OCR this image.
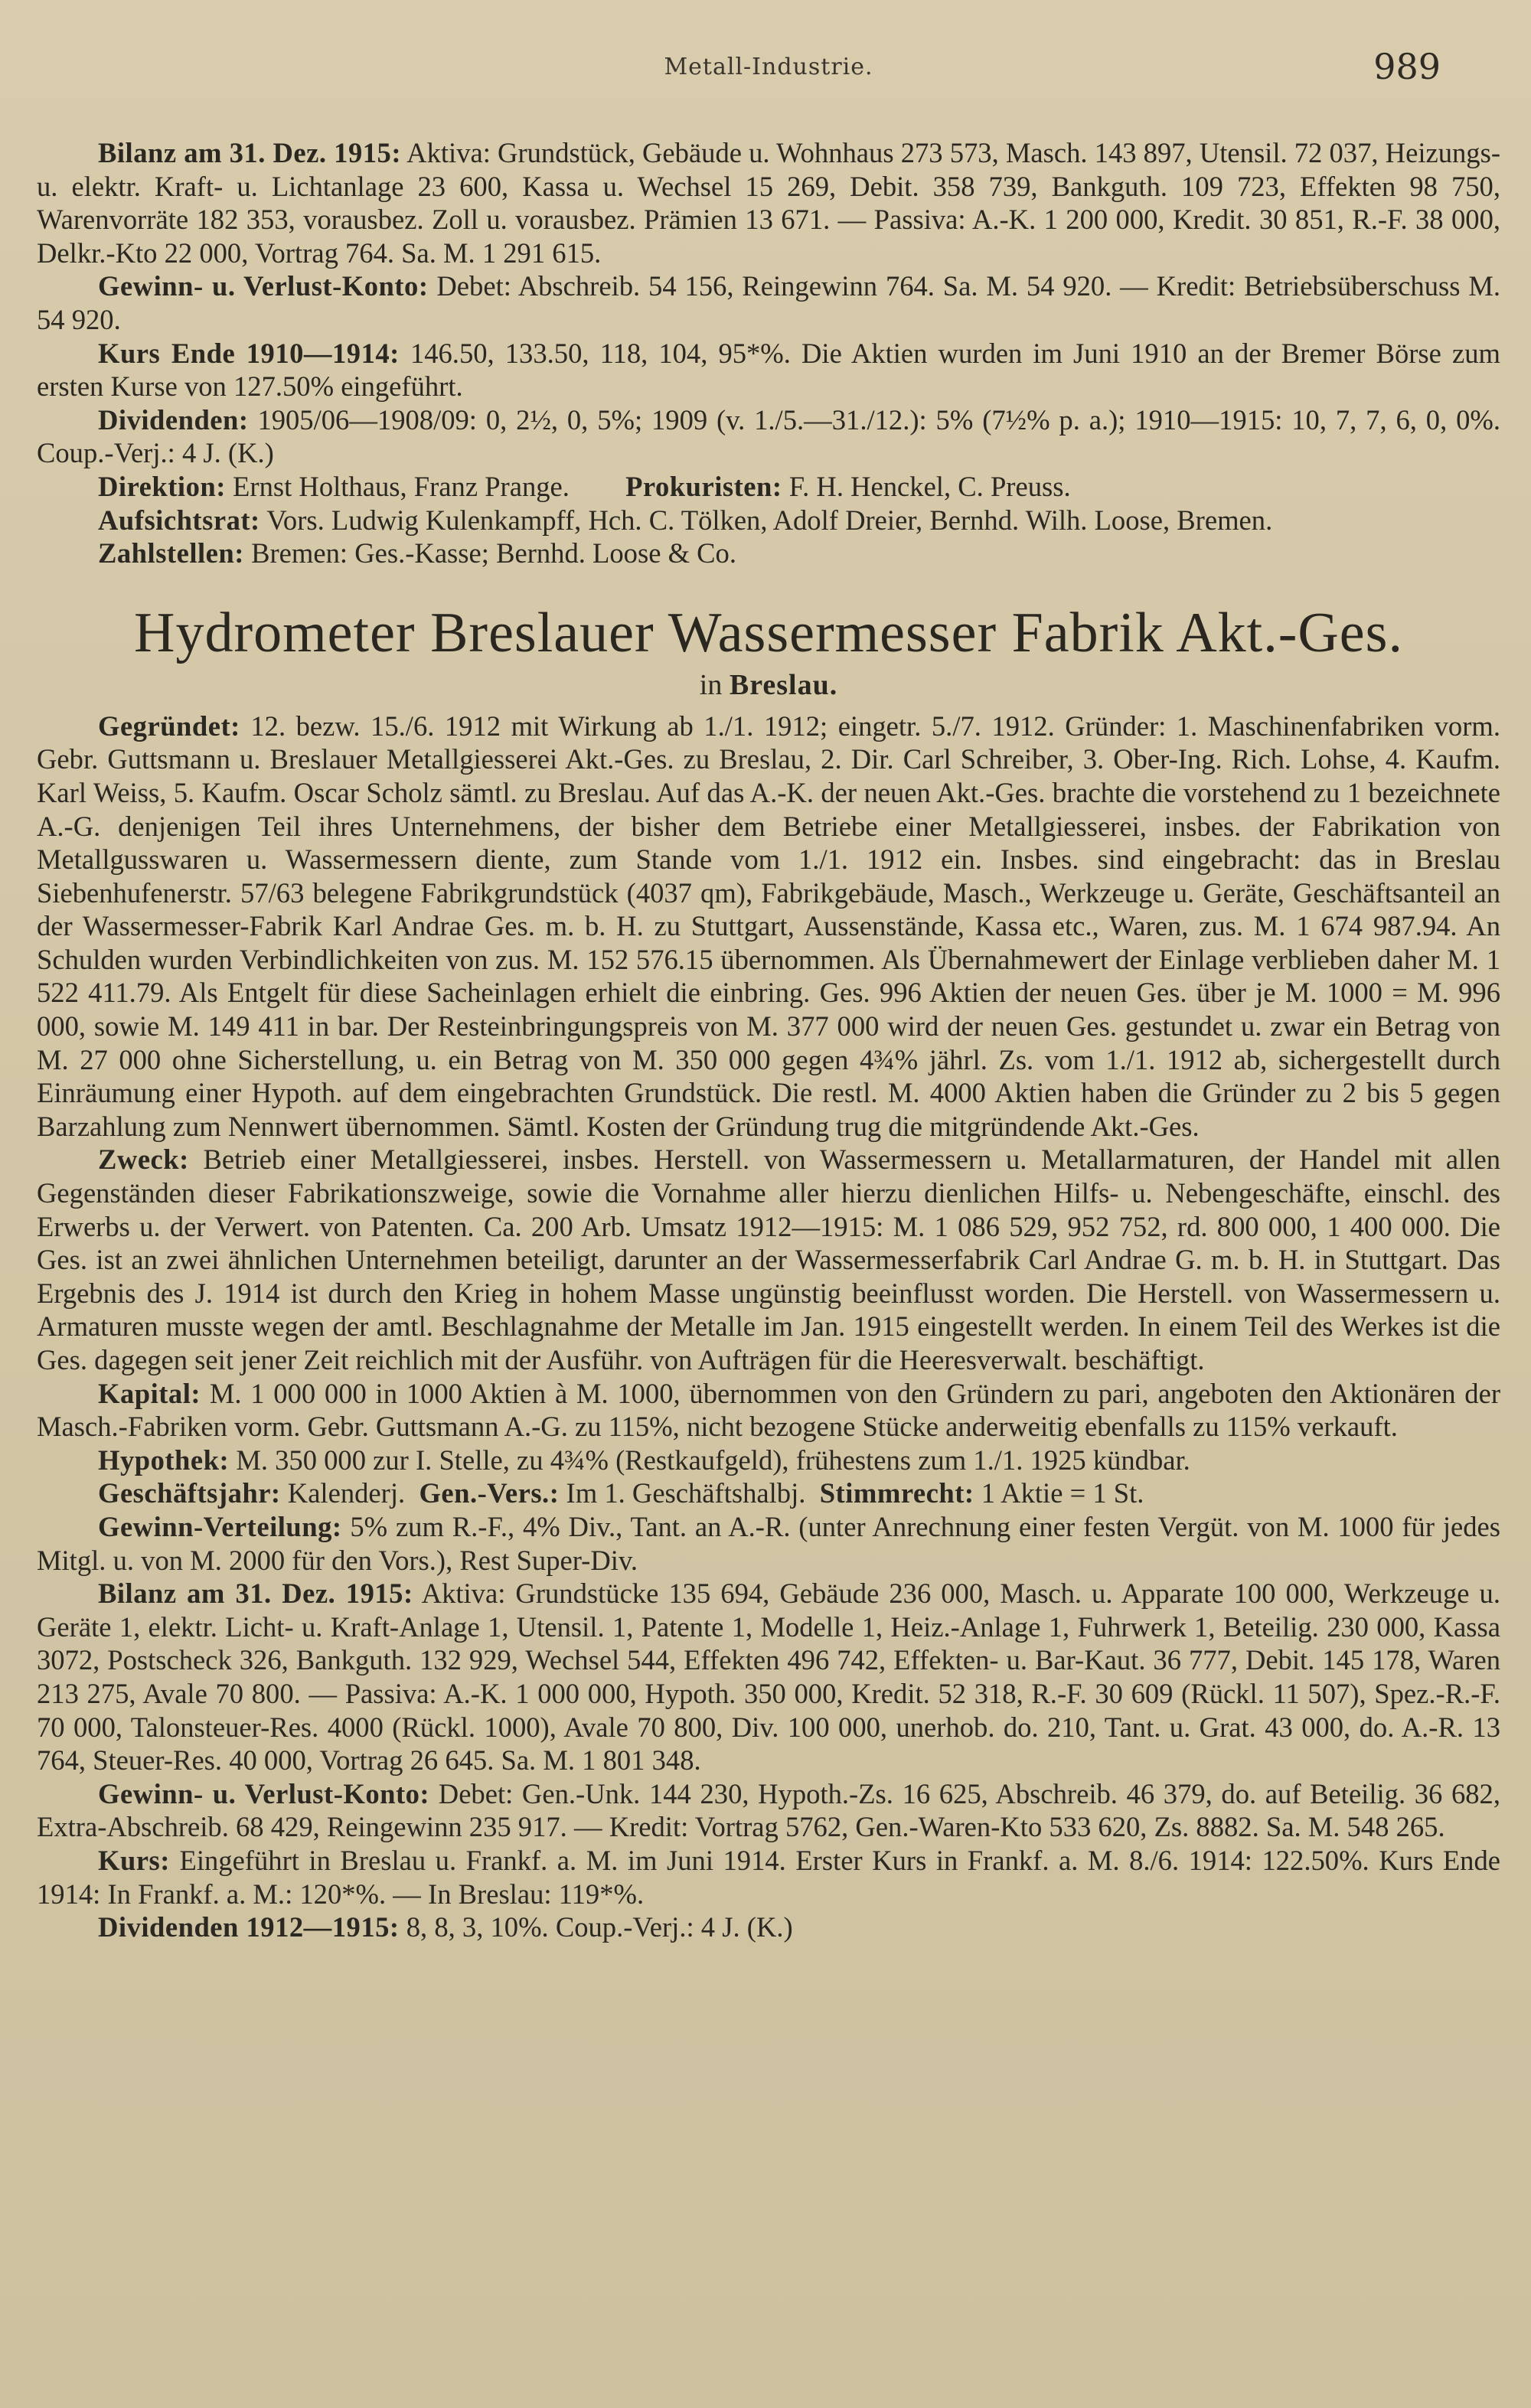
Metall-Industrie.	989

Bilanz am 31. Dez. 1915: Aktiva: Grundstück, Gebäude u. Wohnhaus 273 573, Masch. 143 897, Utensil. 72 037, Heizungs- u. elektr. Kraft- u. Lichtanlage 23 600, Kassa u. Wechsel 15 269, Debit. 358 739, Bankguth. 109 723, Effekten 98 750, Warenvorräte 182 353, vorausbez. Zoll u. vorausbez. Prämien 13 671. — Passiva: A.-K. 1 200 000, Kredit. 30 851, R.-F. 38 000, Delkr.-Kto 22 000, Vortrag 764. Sa. M. 1 291 615.

Gewinn- u. Verlust-Konto: Debet: Abschreib. 54 156, Reingewinn 764. Sa. M. 54 920. — Kredit: Betriebsüberschuss M. 54 920.

Kurs Ende 1910—1914: 146.50, 133.50, 118, 104, 95*%. Die Aktien wurden im Juni 1910 an der Bremer Börse zum ersten Kurse von 127.50% eingeführt.

Dividenden: 1905/06—1908/09: 0, 2½, 0, 5%; 1909 (v. 1./5.—31./12.): 5% (7½% p. a.); 1910—1915: 10, 7, 7, 6, 0, 0%. Coup.-Verj.: 4 J. (K.)

Direktion: Ernst Holthaus, Franz Prange. Prokuristen: F. H. Henckel, C. Preuss.

Aufsichtsrat: Vors. Ludwig Kulenkampff, Hch. C. Tölken, Adolf Dreier, Bernhd. Wilh. Loose, Bremen.

Zahlstellen: Bremen: Ges.-Kasse; Bernhd. Loose & Co.

Hydrometer Breslauer Wassermesser Fabrik Akt.-Ges.
in Breslau.

Gegründet: 12. bezw. 15./6. 1912 mit Wirkung ab 1./1. 1912; eingetr. 5./7. 1912. Gründer: 1. Maschinenfabriken vorm. Gebr. Guttsmann u. Breslauer Metallgiesserei Akt.-Ges. zu Breslau, 2. Dir. Carl Schreiber, 3. Ober-Ing. Rich. Lohse, 4. Kaufm. Karl Weiss, 5. Kaufm. Oscar Scholz sämtl. zu Breslau. Auf das A.-K. der neuen Akt.-Ges. brachte die vorstehend zu 1 bezeichnete A.-G. denjenigen Teil ihres Unternehmens, der bisher dem Betriebe einer Metallgiesserei, insbes. der Fabrikation von Metallgusswaren u. Wassermessern diente, zum Stande vom 1./1. 1912 ein. Insbes. sind eingebracht: das in Breslau Siebenhufenerstr. 57/63 belegene Fabrikgrundstück (4037 qm), Fabrikgebäude, Masch., Werkzeuge u. Geräte, Geschäftsanteil an der Wassermesser-Fabrik Karl Andrae Ges. m. b. H. zu Stuttgart, Aussenstände, Kassa etc., Waren, zus. M. 1 674 987.94. An Schulden wurden Verbindlichkeiten von zus. M. 152 576.15 übernommen. Als Übernahmewert der Einlage verblieben daher M. 1 522 411.79. Als Entgelt für diese Sacheinlagen erhielt die einbring. Ges. 996 Aktien der neuen Ges. über je M. 1000 = M. 996 000, sowie M. 149 411 in bar. Der Resteinbringungspreis von M. 377 000 wird der neuen Ges. gestundet u. zwar ein Betrag von M. 27 000 ohne Sicherstellung, u. ein Betrag von M. 350 000 gegen 4¾% jährl. Zs. vom 1./1. 1912 ab, sichergestellt durch Einräumung einer Hypoth. auf dem eingebrachten Grundstück. Die restl. M. 4000 Aktien haben die Gründer zu 2 bis 5 gegen Barzahlung zum Nennwert übernommen. Sämtl. Kosten der Gründung trug die mitgründende Akt.-Ges.

Zweck: Betrieb einer Metallgiesserei, insbes. Herstell. von Wassermessern u. Metallarmaturen, der Handel mit allen Gegenständen dieser Fabrikationszweige, sowie die Vornahme aller hierzu dienlichen Hilfs- u. Nebengeschäfte, einschl. des Erwerbs u. der Verwert. von Patenten. Ca. 200 Arb. Umsatz 1912—1915: M. 1 086 529, 952 752, rd. 800 000, 1 400 000. Die Ges. ist an zwei ähnlichen Unternehmen beteiligt, darunter an der Wassermesserfabrik Carl Andrae G. m. b. H. in Stuttgart. Das Ergebnis des J. 1914 ist durch den Krieg in hohem Masse ungünstig beeinflusst worden. Die Herstell. von Wassermessern u. Armaturen musste wegen der amtl. Beschlagnahme der Metalle im Jan. 1915 eingestellt werden. In einem Teil des Werkes ist die Ges. dagegen seit jener Zeit reichlich mit der Ausführ. von Aufträgen für die Heeresverwalt. beschäftigt.

Kapital: M. 1 000 000 in 1000 Aktien à M. 1000, übernommen von den Gründern zu pari, angeboten den Aktionären der Masch.-Fabriken vorm. Gebr. Guttsmann A.-G. zu 115%, nicht bezogene Stücke anderweitig ebenfalls zu 115% verkauft.

Hypothek: M. 350 000 zur I. Stelle, zu 4¾% (Restkaufgeld), frühestens zum 1./1. 1925 kündbar.

Geschäftsjahr: Kalenderj. Gen.-Vers.: Im 1. Geschäftshalbj. Stimmrecht: 1 Aktie = 1 St.

Gewinn-Verteilung: 5% zum R.-F., 4% Div., Tant. an A.-R. (unter Anrechnung einer festen Vergüt. von M. 1000 für jedes Mitgl. u. von M. 2000 für den Vors.), Rest Super-Div.

Bilanz am 31. Dez. 1915: Aktiva: Grundstücke 135 694, Gebäude 236 000, Masch. u. Apparate 100 000, Werkzeuge u. Geräte 1, elektr. Licht- u. Kraft-Anlage 1, Utensil. 1, Patente 1, Modelle 1, Heiz.-Anlage 1, Fuhrwerk 1, Beteilig. 230 000, Kassa 3072, Postscheck 326, Bankguth. 132 929, Wechsel 544, Effekten 496 742, Effekten- u. Bar-Kaut. 36 777, Debit. 145 178, Waren 213 275, Avale 70 800. — Passiva: A.-K. 1 000 000, Hypoth. 350 000, Kredit. 52 318, R.-F. 30 609 (Rückl. 11 507), Spez.-R.-F. 70 000, Talonsteuer-Res. 4000 (Rückl. 1000), Avale 70 800, Div. 100 000, unerhob. do. 210, Tant. u. Grat. 43 000, do. A.-R. 13 764, Steuer-Res. 40 000, Vortrag 26 645. Sa. M. 1 801 348.

Gewinn- u. Verlust-Konto: Debet: Gen.-Unk. 144 230, Hypoth.-Zs. 16 625, Abschreib. 46 379, do. auf Beteilig. 36 682, Extra-Abschreib. 68 429, Reingewinn 235 917. — Kredit: Vortrag 5762, Gen.-Waren-Kto 533 620, Zs. 8882. Sa. M. 548 265.

Kurs: Eingeführt in Breslau u. Frankf. a. M. im Juni 1914. Erster Kurs in Frankf. a. M. 8./6. 1914: 122.50%. Kurs Ende 1914: In Frankf. a. M.: 120*%. — In Breslau: 119*%.

Dividenden 1912—1915: 8, 8, 3, 10%. Coup.-Verj.: 4 J. (K.)
